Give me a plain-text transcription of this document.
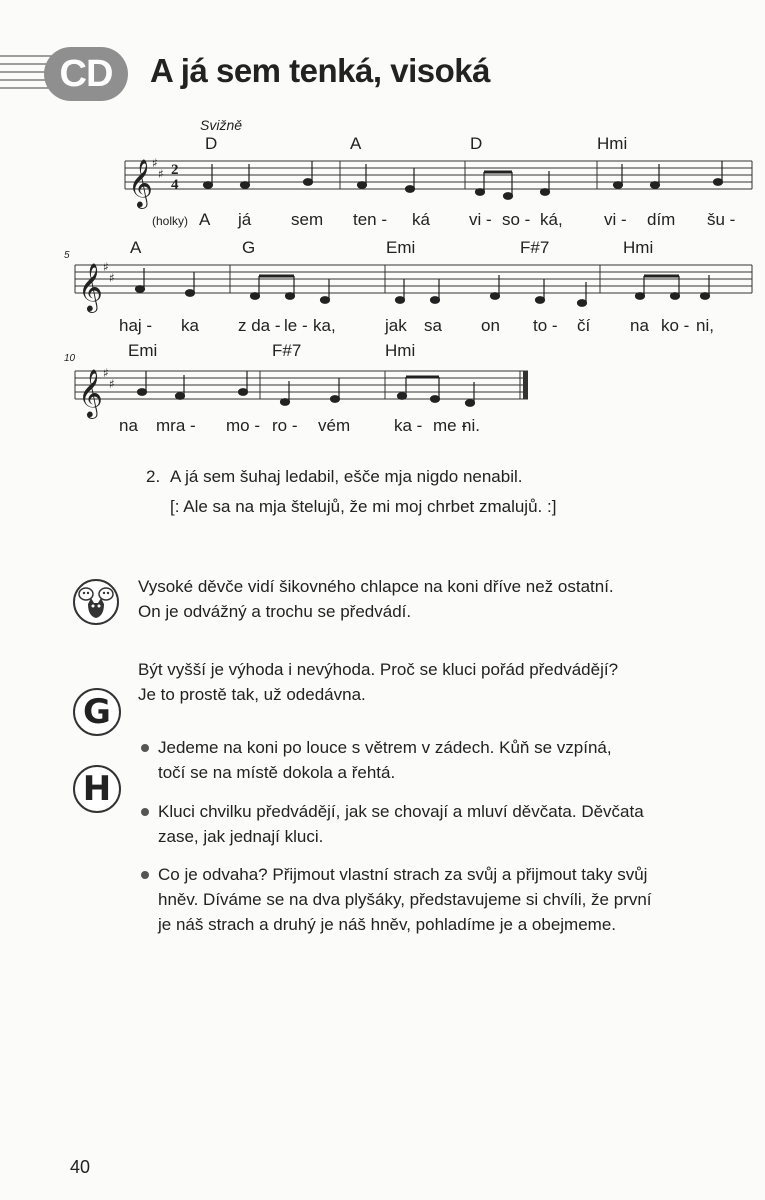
CD	A já sem tenká, visoká
Svižně
𝄞
𝄞
𝄞
♯
♯
♯
♯
♯
♯
2
4
D	A	D	Hmi
(holky) A já sem ten - ká vi - so - ká, vi - dím šu -
5	A	G	Emi	F#7	Hmi
haj - ka z da - le - ka,	jak sa on to - čí na ko - ni,
10	Emi	F#7	Hmi
na mra - mo - ro - vém	ka - me -
ni.
2. A já sem šuhaj ledabil, ešče mja nigdo nenabil.
[: Ale sa na mja štelujů, že mi moj chrbet zmalujů. :]
Vysoké děvče vidí šikovného chlapce na koni dříve než ostatní.
On je odvážný a trochu se předvádí.
Být vyšší je výhoda i nevýhoda. Proč se kluci pořád předvádějí?
Je to prostě tak, už odedávna.
G
H
Jedeme na koni po louce s větrem v zádech. Kůň se vzpíná,
točí se na místě dokola a řehtá.
Kluci chvilku předvádějí, jak se chovají a mluví děvčata. Děvčata
zase, jak jednají kluci.
Co je odvaha? Přijmout vlastní strach za svůj a přijmout taky svůj
hněv. Díváme se na dva plyšáky, představujeme si chvíli, že první
je náš strach a druhý je náš hněv, pohladíme je a obejmeme.
40
